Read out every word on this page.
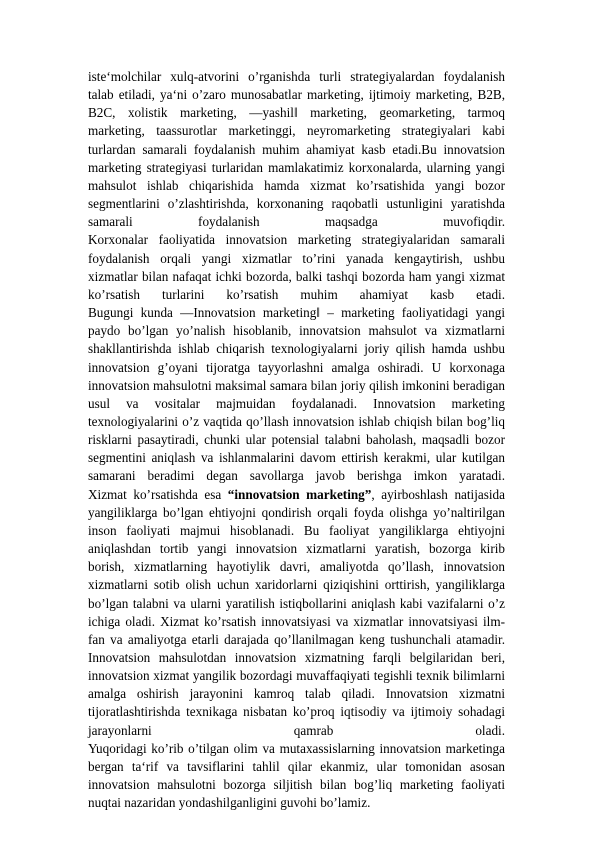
iste‘molchilar xulq-atvorini o’rganishda turli strategiyalardan foydalanish talab etiladi, ya‘ni o’zaro munosabatlar marketing, ijtimoiy marketing, B2B, B2C, xolistik marketing, ―yashil‖ marketing, geomarketing, tarmoq marketing, taassurotlar marketinggi, neyromarketing strategiyalari kabi turlardan samarali foydalanish muhim ahamiyat kasb etadi.Bu innovatsion marketing strategiyasi turlaridan mamlakatimiz korxonalarda, ularning yangi mahsulot ishlab chiqarishida hamda xizmat ko’rsatishida yangi bozor segmentlarini o’zlashtirishda, korxonaning raqobatli ustunligini yaratishda samarali foydalanish maqsadga muvofiqdir.

Korxonalar faoliyatida innovatsion marketing strategiyalaridan samarali foydalanish orqali yangi xizmatlar to’rini yanada kengaytirish, ushbu xizmatlar bilan nafaqat ichki bozorda, balki tashqi bozorda ham yangi xizmat ko’rsatish turlarini ko’rsatish muhim ahamiyat kasb etadi.

Bugungi kunda ―Innovatsion marketing‖ – marketing faoliyatidagi yangi paydo bo’lgan yo’nalish hisoblanib, innovatsion mahsulot va xizmatlarni shakllantirishda ishlab chiqarish texnologiyalarni joriy qilish hamda ushbu innovatsion g’oyani tijoratga tayyorlashni amalga oshiradi. U korxonaga innovatsion mahsulotni maksimal samara bilan joriy qilish imkonini beradigan usul va vositalar majmuidan foydalanadi. Innovatsion marketing texnologiyalarini o’z vaqtida qo’llash innovatsion ishlab chiqish bilan bog’liq risklarni pasaytiradi, chunki ular potensial talabni baholash, maqsadli bozor segmentini aniqlash va ishlanmalarini davom ettirish kerakmi, ular kutilgan samarani beradimi degan savollarga javob berishga imkon yaratadi.

Xizmat ko’rsatishda esa “innovatsion marketing”, ayirboshlash natijasida yangiliklarga bo’lgan ehtiyojni qondirish orqali foyda olishga yo’naltirilgan inson faoliyati majmui hisoblanadi. Bu faoliyat yangiliklarga ehtiyojni aniqlashdan tortib yangi innovatsion xizmatlarni yaratish, bozorga kirib borish, xizmatlarning hayotiylik davri, amaliyotda qo’llash, innovatsion xizmatlarni sotib olish uchun xaridorlarni qiziqishini orttirish, yangiliklarga bo’lgan talabni va ularni yaratilish istiqbollarini aniqlash kabi vazifalarni o’z ichiga oladi. Xizmat ko’rsatish innovatsiyasi va xizmatlar innovatsiyasi ilm-fan va amaliyotga etarli darajada qo’llanilmagan keng tushunchali atamadir.

Innovatsion mahsulotdan innovatsion xizmatning farqli belgilaridan beri, innovatsion xizmat yangilik bozordagi muvaffaqiyati tegishli texnik bilimlarni amalga oshirish jarayonini kamroq talab qiladi. Innovatsion xizmatni tijoratlashtirishda texnikaga nisbatan ko’proq iqtisodiy va ijtimoiy sohadagi jarayonlarni qamrab oladi.

Yuqoridagi ko’rib o’tilgan olim va mutaxassislarning innovatsion marketinga bergan ta‘rif va tavsiflarini tahlil qilar ekanmiz, ular tomonidan asosan innovatsion mahsulotni bozorga siljitish bilan bog’liq marketing faoliyati nuqtai nazaridan yondashilganligini guvohi bo’lamiz.
